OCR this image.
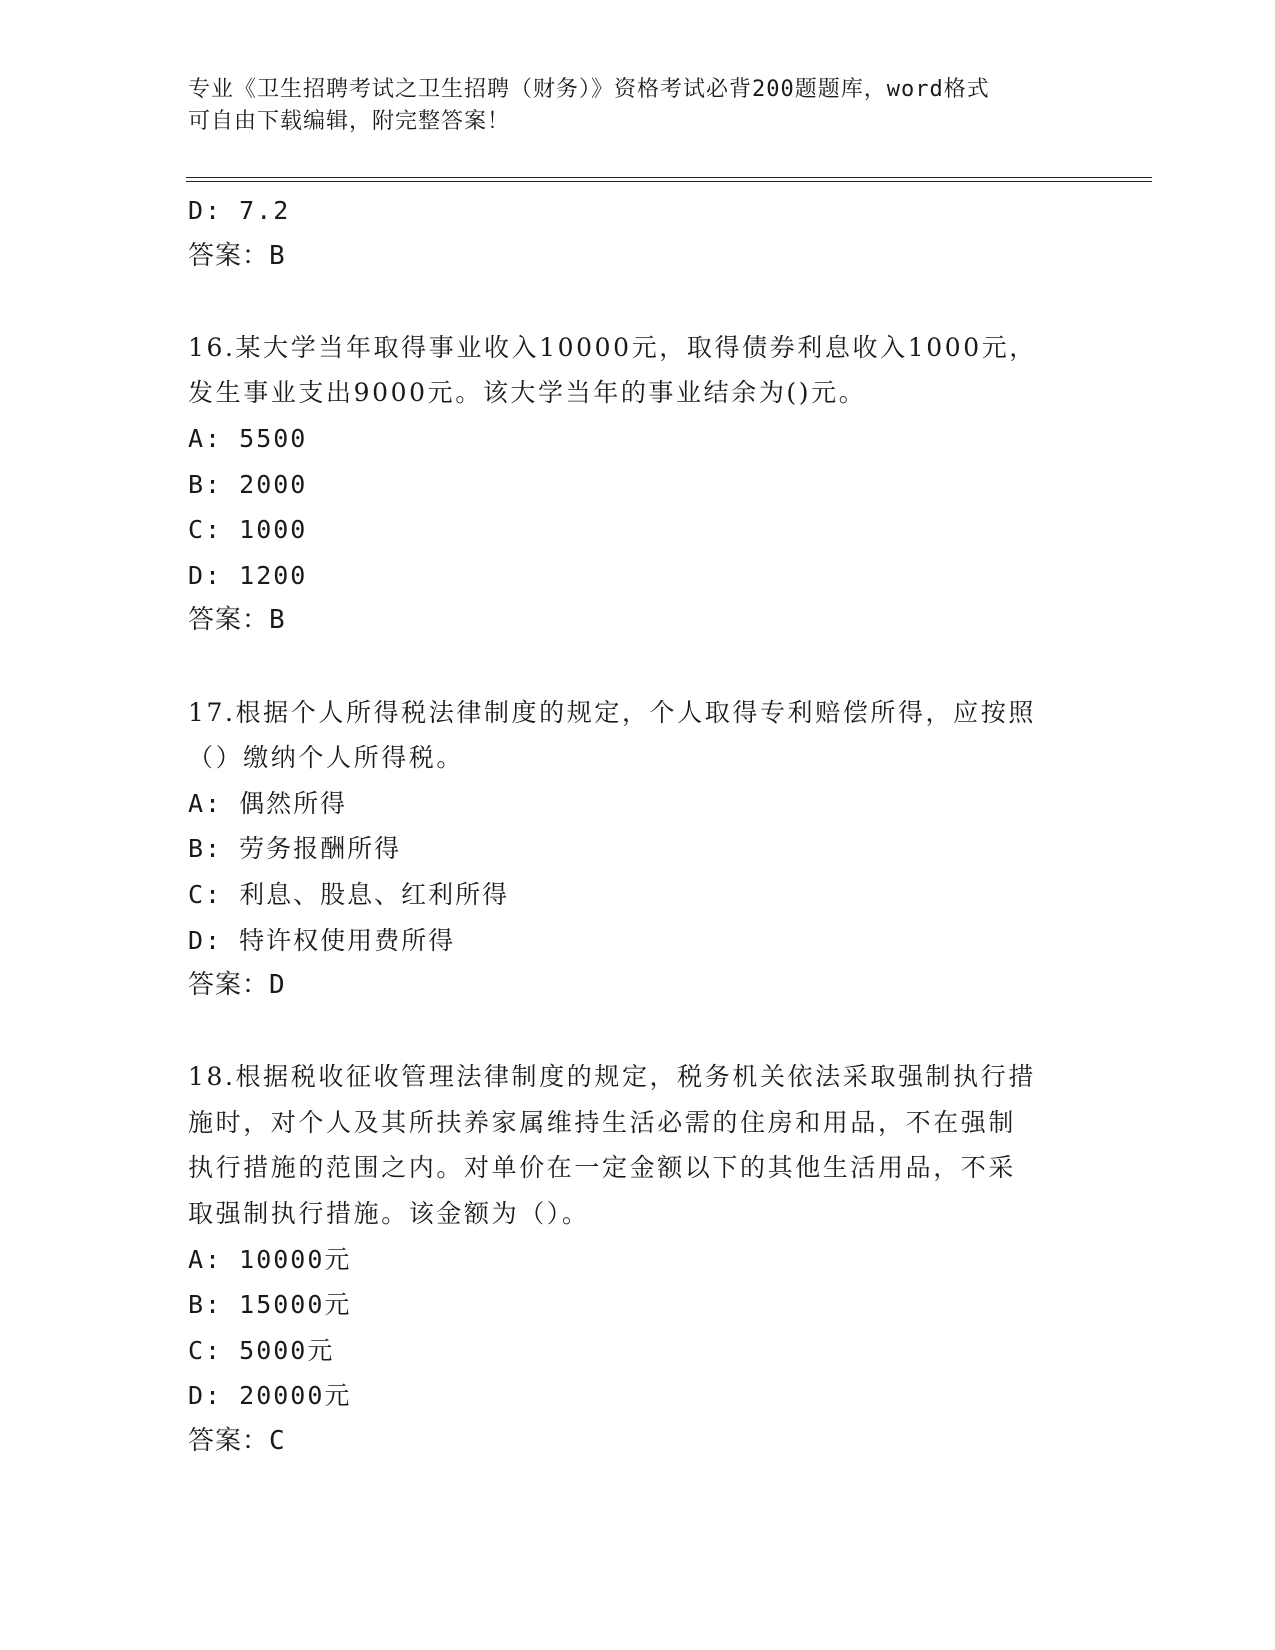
专业《卫生招聘考试之卫生招聘（财务）》资格考试必背200题题库，word格式
可自由下载编辑，附完整答案！
D: 7.2
答案：B
16.某大学当年取得事业收入10000元，取得债券利息收入1000元，
发生事业支出9000元。该大学当年的事业结余为()元。
A: 5500
B: 2000
C: 1000
D: 1200
答案：B
17.根据个人所得税法律制度的规定，个人取得专利赔偿所得，应按照
（）缴纳个人所得税。
A: 偶然所得
B: 劳务报酬所得
C: 利息、股息、红利所得
D: 特许权使用费所得
答案：D
18.根据税收征收管理法律制度的规定，税务机关依法采取强制执行措
施时，对个人及其所扶养家属维持生活必需的住房和用品，不在强制
执行措施的范围之内。对单价在一定金额以下的其他生活用品，不采
取强制执行措施。该金额为（）。
A: 10000元
B: 15000元
C: 5000元
D: 20000元
答案：C
